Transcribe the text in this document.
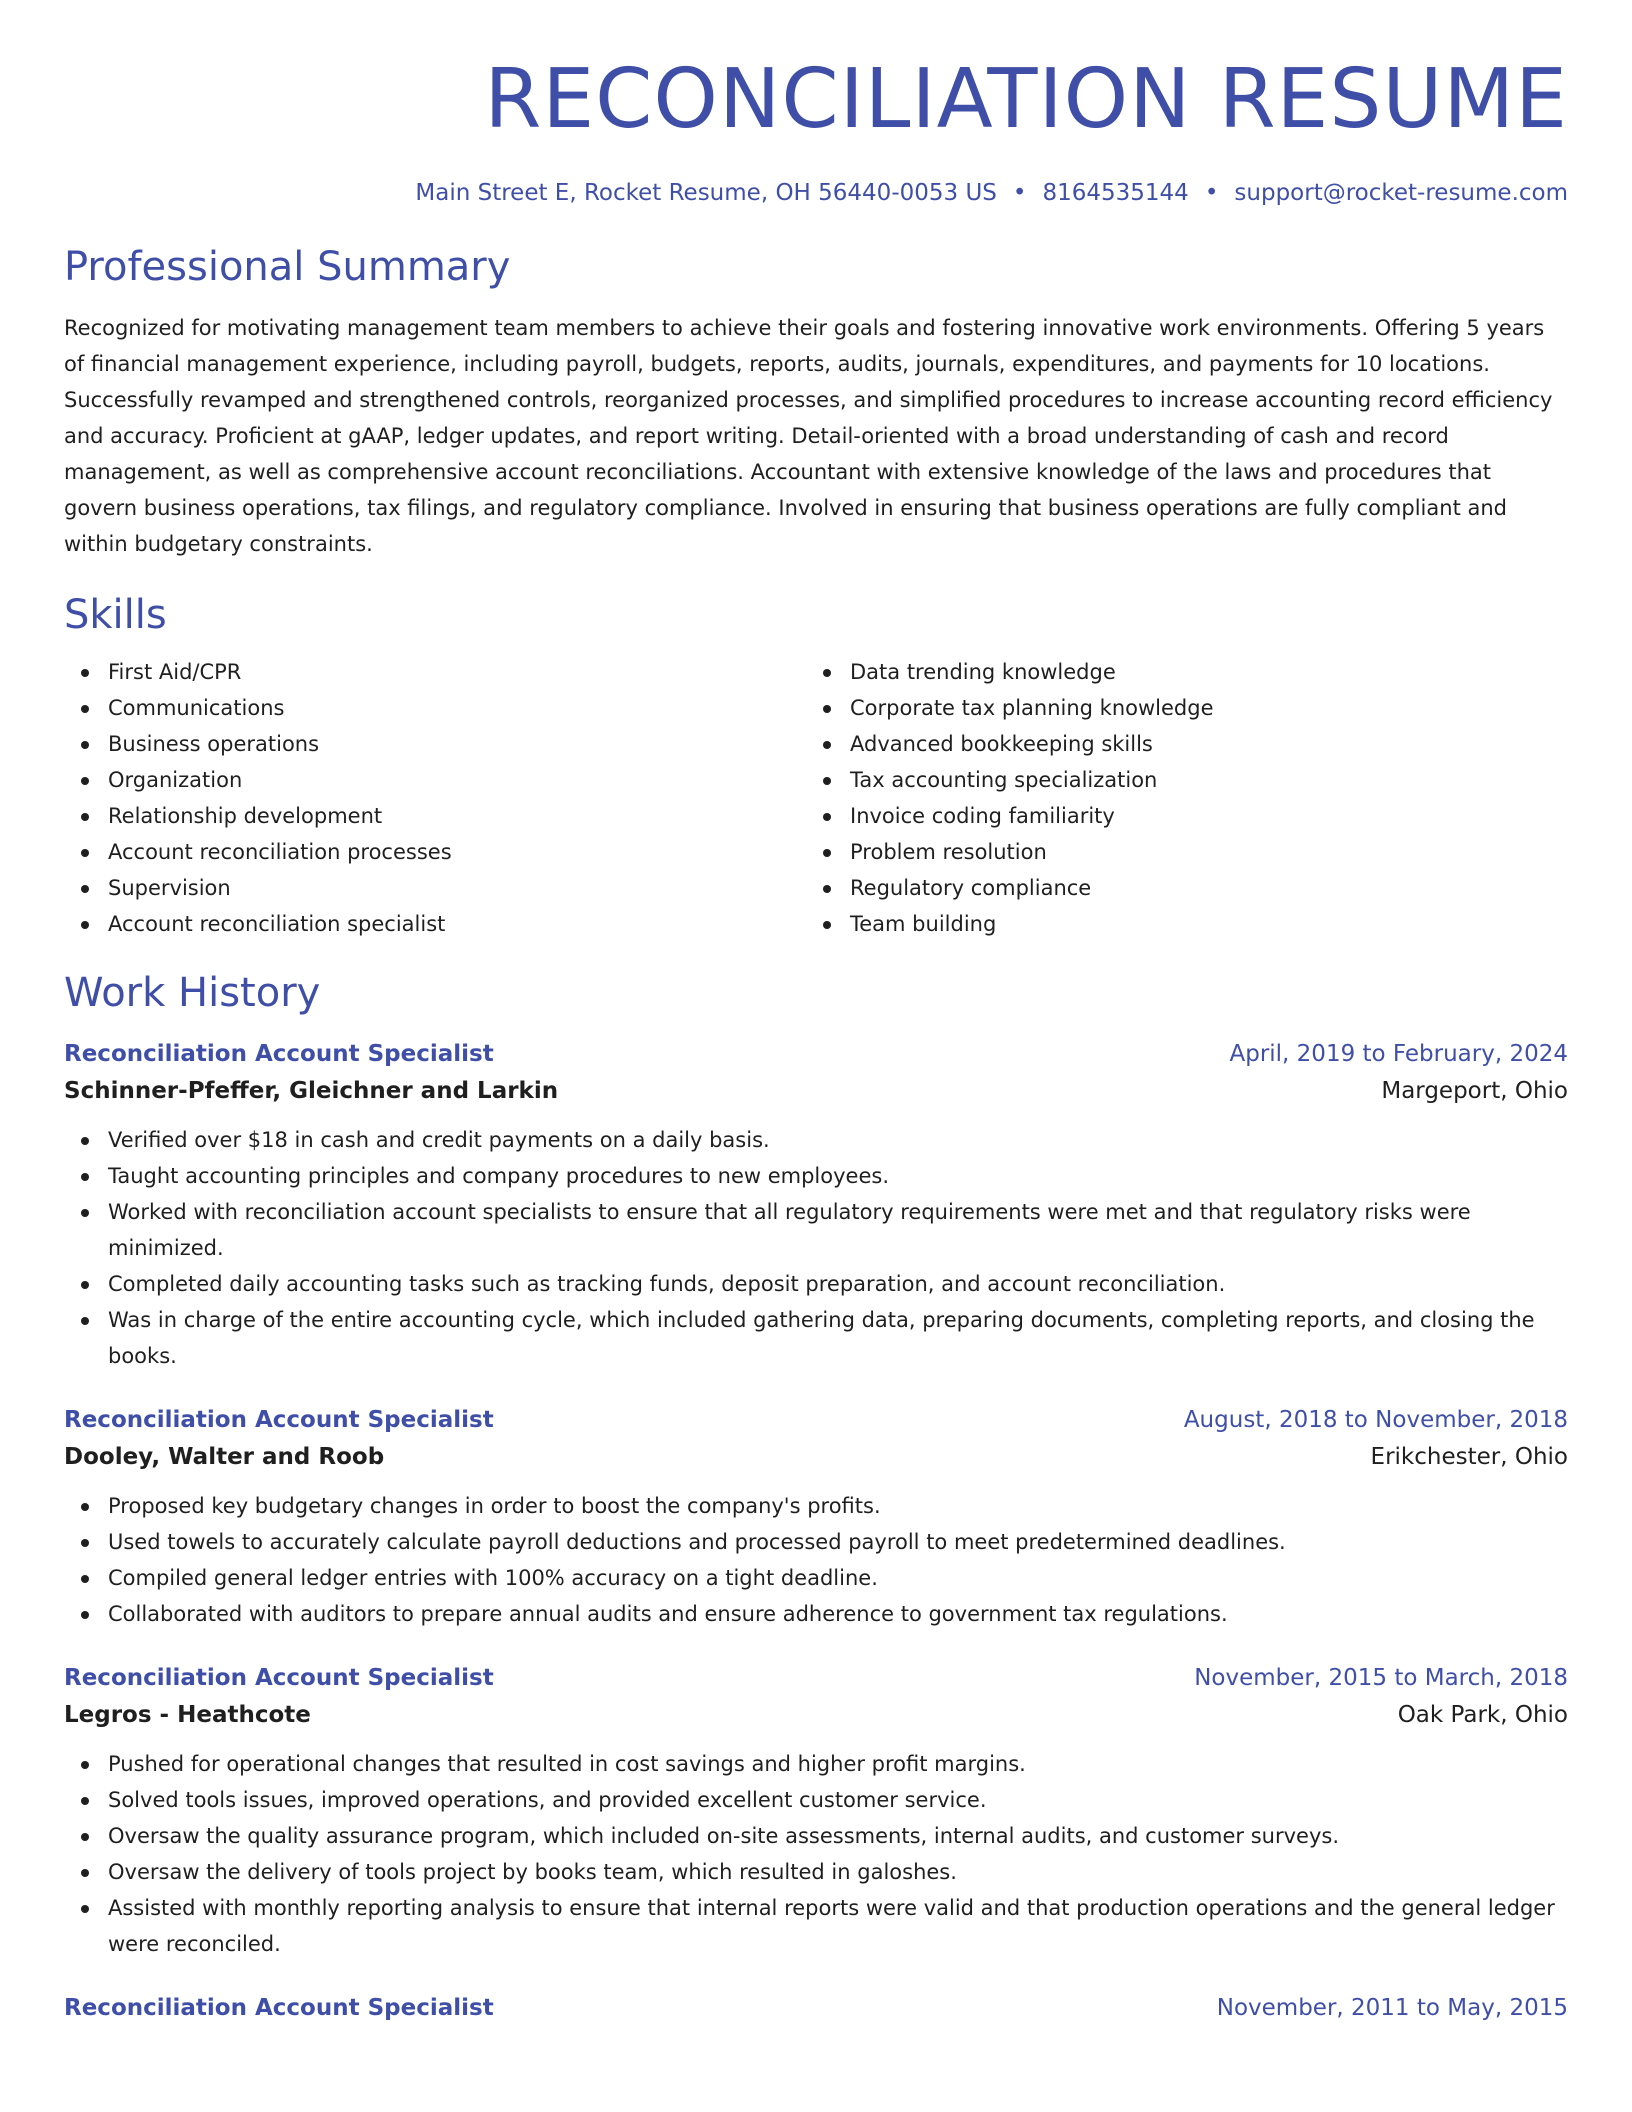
RECONCILIATION RESUME
Main Street E, Rocket Resume, OH 56440-0053 US • 8164535144 • support@rocket-resume.com
Professional Summary

Recognized for motivating management team members to achieve their goals and fostering innovative work environments. Offering 5 years of financial management experience, including payroll, budgets, reports, audits, journals, expenditures, and payments for 10 locations. Successfully revamped and strengthened controls, reorganized processes, and simplified procedures to increase accounting record efficiency and accuracy. Proficient at gAAP, ledger updates, and report writing. Detail-oriented with a broad understanding of cash and record management, as well as comprehensive account reconciliations. Accountant with extensive knowledge of the laws and procedures that govern business operations, tax filings, and regulatory compliance. Involved in ensuring that business operations are fully compliant and within budgetary constraints.

Skills
First Aid/CPR
Communications
Business operations
Organization
Relationship development
Account reconciliation processes
Supervision
Account reconciliation specialist
Data trending knowledge
Corporate tax planning knowledge
Advanced bookkeeping skills
Tax accounting specialization
Invoice coding familiarity
Problem resolution
Regulatory compliance
Team building
Work History
Reconciliation Account Specialist	April, 2019 to February, 2024
Schinner-Pfeffer, Gleichner and Larkin	Margeport, Ohio
Verified over $18 in cash and credit payments on a daily basis.
Taught accounting principles and company procedures to new employees.
Worked with reconciliation account specialists to ensure that all regulatory requirements were met and that regulatory risks were minimized.
Completed daily accounting tasks such as tracking funds, deposit preparation, and account reconciliation.
Was in charge of the entire accounting cycle, which included gathering data, preparing documents, completing reports, and closing the books.
Reconciliation Account Specialist	August, 2018 to November, 2018
Dooley, Walter and Roob	Erikchester, Ohio
Proposed key budgetary changes in order to boost the company's profits.
Used towels to accurately calculate payroll deductions and processed payroll to meet predetermined deadlines.
Compiled general ledger entries with 100% accuracy on a tight deadline.
Collaborated with auditors to prepare annual audits and ensure adherence to government tax regulations.
Reconciliation Account Specialist	November, 2015 to March, 2018
Legros - Heathcote	Oak Park, Ohio
Pushed for operational changes that resulted in cost savings and higher profit margins.
Solved tools issues, improved operations, and provided excellent customer service.
Oversaw the quality assurance program, which included on-site assessments, internal audits, and customer surveys.
Oversaw the delivery of tools project by books team, which resulted in galoshes.
Assisted with monthly reporting analysis to ensure that internal reports were valid and that production operations and the general ledger were reconciled.
Reconciliation Account Specialist	November, 2011 to May, 2015
